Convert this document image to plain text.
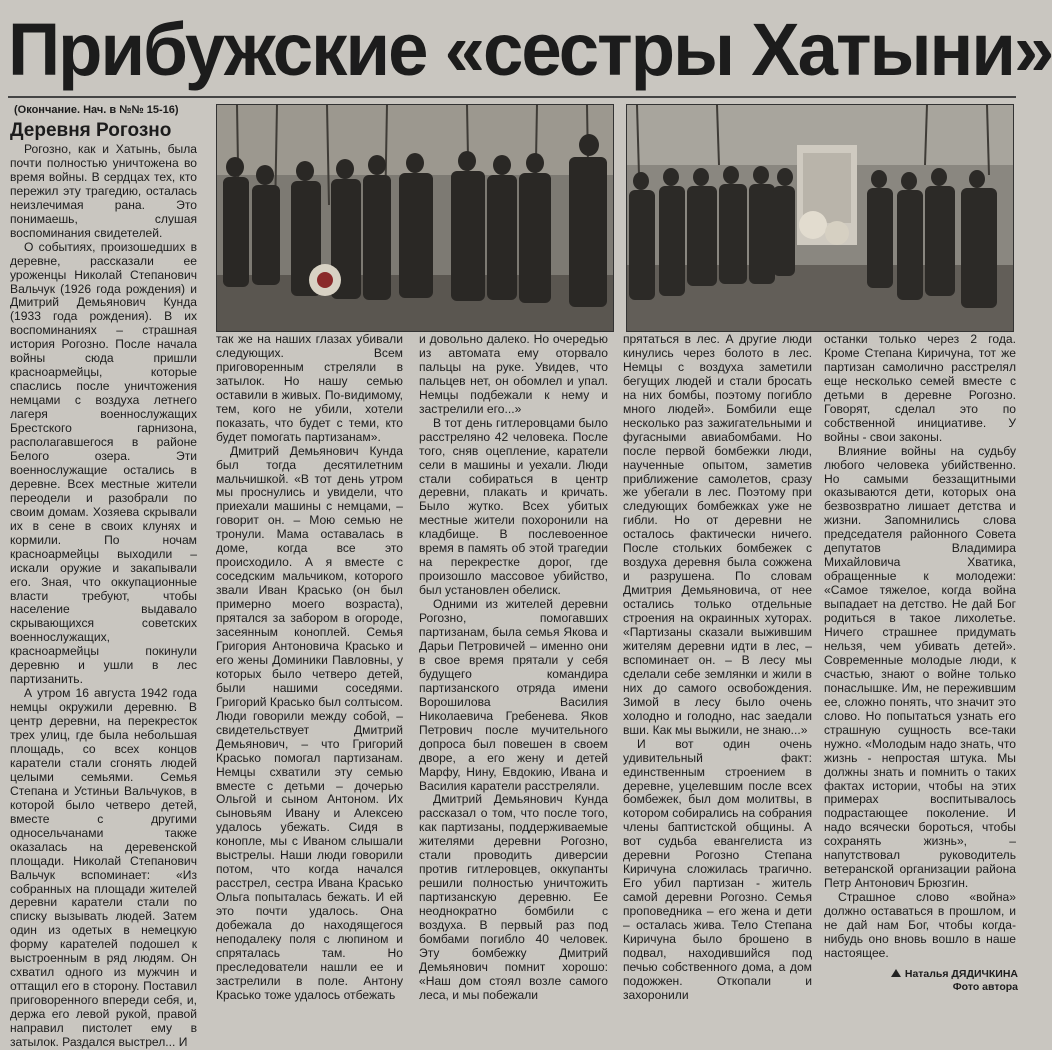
Прибужские «сестры Хатыни»
(Окончание. Нач. в №№ 15-16)
Деревня Рогозно

Рогозно, как и Хатынь, была почти полностью уничтожена во время войны. В сердцах тех, кто пережил эту трагедию, осталась неизлечимая рана. Это понимаешь, слушая воспоминания свидетелей.

О событиях, произошедших в деревне, рассказали ее уроженцы Николай Степанович Вальчук (1926 года рождения) и Дмитрий Демьянович Кунда (1933 года рождения). В их воспоминаниях – страшная история Рогозно. После начала войны сюда пришли красноармейцы, которые спаслись после уничтожения немцами с воздуха летнего лагеря военнослужащих Брестского гарнизона, располагавшегося в районе Белого озера. Эти военнослужащие остались в деревне. Всех местные жители переодели и разобрали по своим домам. Хозяева скрывали их в сене в своих клунях и кормили. По ночам красноармейцы выходили – искали оружие и закапывали его. Зная, что оккупационные власти требуют, чтобы население выдавало скрывающихся советских военнослужащих, красноармейцы покинули деревню и ушли в лес партизанить.

А утром 16 августа 1942 года немцы окружили деревню. В центр деревни, на перекресток трех улиц, где была небольшая площадь, со всех концов каратели стали сгонять людей целыми семьями. Семья Степана и Устиньи Вальчуков, в которой было четверо детей, вместе с другими односельчанами также оказалась на деревенской площади. Николай Степанович Вальчук вспоминает: «Из собранных на площади жителей деревни каратели стали по списку вызывать людей. Затем один из одетых в немецкую форму карателей подошел к выстроенным в ряд людям. Он схватил одного из мужчин и оттащил его в сторону. Поставил приговоренного впереди себя, и, держа его левой рукой, правой направил пистолет ему в затылок. Раздался выстрел... И

так же на наших глазах убивали следующих. Всем приговоренным стреляли в затылок. Но нашу семью оставили в живых. По-видимому, тем, кого не убили, хотели показать, что будет с теми, кто будет помогать партизанам».

Дмитрий Демьянович Кунда был тогда десятилетним мальчишкой. «В тот день утром мы проснулись и увидели, что приехали машины с немцами, – говорит он. – Мою семью не тронули. Мама оставалась в доме, когда все это происходило. А я вместе с соседским мальчиком, которого звали Иван Красько (он был примерно моего возраста), прятался за забором в огороде, засеянным коноплей. Семья Григория Антоновича Красько и его жены Доминики Павловны, у которых было четверо детей, были нашими соседями. Григорий Красько был солтысом. Люди говорили между собой, – свидетельствует Дмитрий Демьянович, – что Григорий Красько помогал партизанам. Немцы схватили эту семью вместе с детьми – дочерью Ольгой и сыном Антоном. Их сыновьям Ивану и Алексею удалось убежать. Сидя в конопле, мы с Иваном слышали выстрелы. Наши люди говорили потом, что когда начался расстрел, сестра Ивана Красько Ольга попыталась бежать. И ей это почти удалось. Она добежала до находящегося неподалеку поля с люпином и спряталась там. Но преследователи нашли ее и застрелили в поле. Антону Красько тоже удалось отбежать

и довольно далеко. Но очередью из автомата ему оторвало пальцы на руке. Увидев, что пальцев нет, он обомлел и упал. Немцы подбежали к нему и застрелили его...»

В тот день гитлеровцами было расстреляно 42 человека. После того, сняв оцепление, каратели сели в машины и уехали. Люди стали собираться в центр деревни, плакать и кричать. Было жутко. Всех убитых местные жители похоронили на кладбище. В послевоенное время в память об этой трагедии на перекрестке дорог, где произошло массовое убийство, был установлен обелиск.

Одними из жителей деревни Рогозно, помогавших партизанам, была семья Якова и Дарьи Петровичей – именно они в свое время прятали у себя будущего командира партизанского отряда имени Ворошилова Василия Николаевича Гребенева. Яков Петрович после мучительного допроса был повешен в своем дворе, а его жену и детей Марфу, Нину, Евдокию, Ивана и Василия каратели расстреляли.

Дмитрий Демьянович Кунда рассказал о том, что после того, как партизаны, поддерживаемые жителями деревни Рогозно, стали проводить диверсии против гитлеровцев, оккупанты решили полностью уничтожить партизанскую деревню. Ее неоднократно бомбили с воздуха. В первый раз под бомбами погибло 40 человек. Эту бомбежку Дмитрий Демьянович помнит хорошо: «Наш дом стоял возле самого леса, и мы побежали

прятаться в лес. А другие люди кинулись через болото в лес. Немцы с воздуха заметили бегущих людей и стали бросать на них бомбы, поэтому погибло много людей». Бомбили еще несколько раз зажигательными и фугасными авиабомбами. Но после первой бомбежки люди, наученные опытом, заметив приближение самолетов, сразу же убегали в лес. Поэтому при следующих бомбежках уже не гибли. Но от деревни не осталось фактически ничего. После стольких бомбежек с воздуха деревня была сожжена и разрушена. По словам Дмитрия Демьяновича, от нее остались только отдельные строения на окраинных хуторах. «Партизаны сказали выжившим жителям деревни идти в лес, – вспоминает он. – В лесу мы сделали себе землянки и жили в них до самого освобождения. Зимой в лесу было очень холодно и голодно, нас заедали вши. Как мы выжили, не знаю...»

И вот один очень удивительный факт: единственным строением в деревне, уцелевшим после всех бомбежек, был дом молитвы, в котором собирались на собрания члены баптистской общины. А вот судьба евангелиста из деревни Рогозно Степана Киричуна сложилась трагично. Его убил партизан - житель самой деревни Рогозно. Семья проповедника – его жена и дети – осталась жива. Тело Степана Киричуна было брошено в подвал, находившийся под печью собственного дома, а дом подожжен. Откопали и захоронили

останки только через 2 года. Кроме Степана Киричуна, тот же партизан самолично расстрелял еще несколько семей вместе с детьми в деревне Рогозно. Говорят, сделал это по собственной инициативе. У войны - свои законы.

Влияние войны на судьбу любого человека убийственно. Но самыми беззащитными оказываются дети, которых она безвозвратно лишает детства и жизни. Запомнились слова председателя районного Совета депутатов Владимира Михайловича Хватика, обращенные к молодежи: «Самое тяжелое, когда война выпадает на детство. Не дай Бог родиться в такое лихолетье. Ничего страшнее придумать нельзя, чем убивать детей». Современные молодые люди, к счастью, знают о войне только понаслышке. Им, не пережившим ее, сложно понять, что значит это слово. Но попытаться узнать его страшную сущность все-таки нужно. «Молодым надо знать, что жизнь - непростая штука. Мы должны знать и помнить о таких фактах истории, чтобы на этих примерах воспитывалось подрастающее поколение. И надо всячески бороться, чтобы сохранять жизнь», – напутствовал руководитель ветеранской организации района Петр Антонович Брюзгин.

Страшное слово «война» должно оставаться в прошлом, и не дай нам Бог, чтобы когда-нибудь оно вновь вошло в наше настоящее.

Наталья ДЯДИЧКИНА
Фото автора
